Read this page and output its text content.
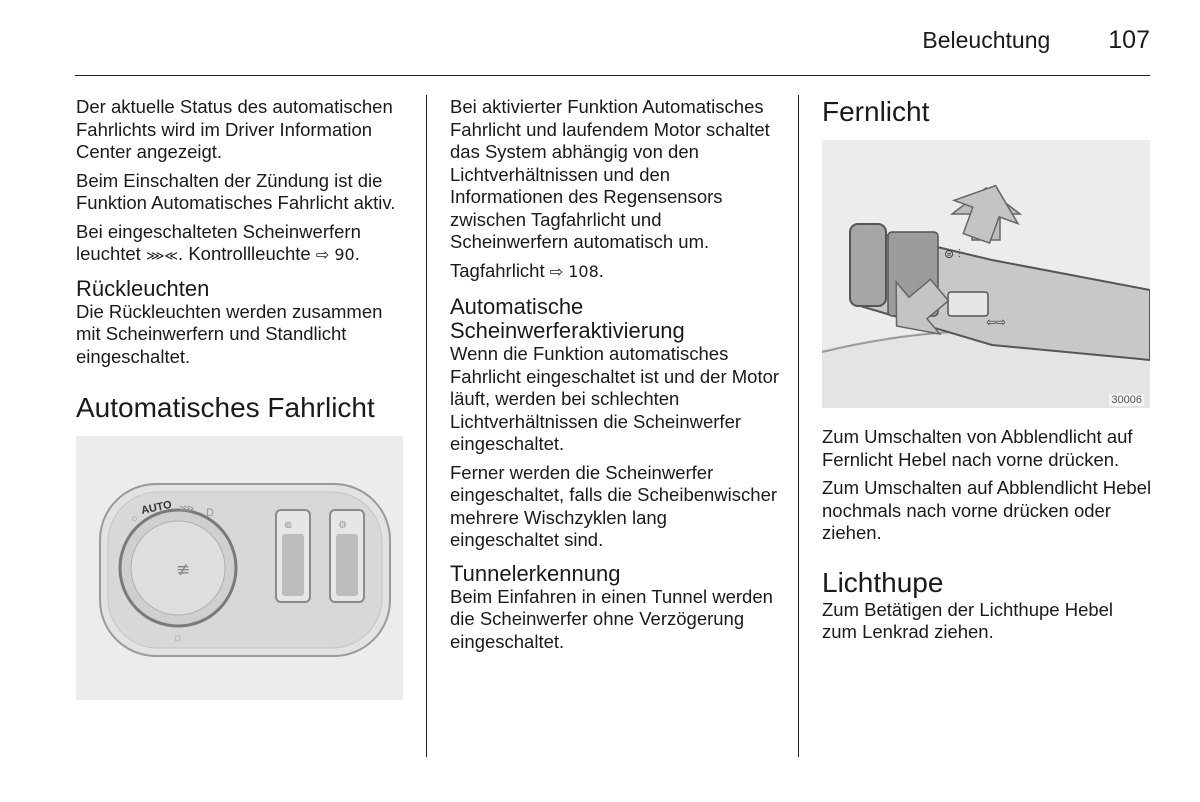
Beleuchtung 107

Der aktuelle Status des automatischen Fahrlichts wird im Driver Information Center angezeigt.

Beim Einschalten der Zündung ist die Funktion Automatisches Fahrlicht aktiv.

Bei eingeschalteten Scheinwerfern leuchtet ⋙≪. Kontrollleuchte ⇨ 90.

Rückleuchten

Die Rückleuchten werden zusammen mit Scheinwerfern und Standlicht eingeschaltet.

Automatisches Fahrlicht
≢
AUTO
○
⋙ D
☼
⋐	⚙

Bei aktivierter Funktion Automatisches Fahrlicht und laufendem Motor schaltet das System abhängig von den Lichtverhältnissen und den Informationen des Regensensors zwischen Tagfahrlicht und Scheinwerfern automatisch um.

Tagfahrlicht ⇨ 108.

Automatische Scheinwerferaktivierung

Wenn die Funktion automatisches Fahrlicht eingeschaltet ist und der Motor läuft, werden bei schlechten Lichtverhältnissen die Scheinwerfer eingeschaltet.

Ferner werden die Scheinwerfer eingeschaltet, falls die Scheibenwischer mehrere Wischzyklen lang eingeschaltet sind.

Tunnelerkennung

Beim Einfahren in einen Tunnel werden die Scheinwerfer ohne Verzögerung eingeschaltet.

Fernlicht
⊜ ⫶
⇦⇨
30006

Zum Umschalten von Abblendlicht auf Fernlicht Hebel nach vorne drücken.

Zum Umschalten auf Abblendlicht Hebel nochmals nach vorne drücken oder ziehen.

Lichthupe

Zum Betätigen der Lichthupe Hebel zum Lenkrad ziehen.
